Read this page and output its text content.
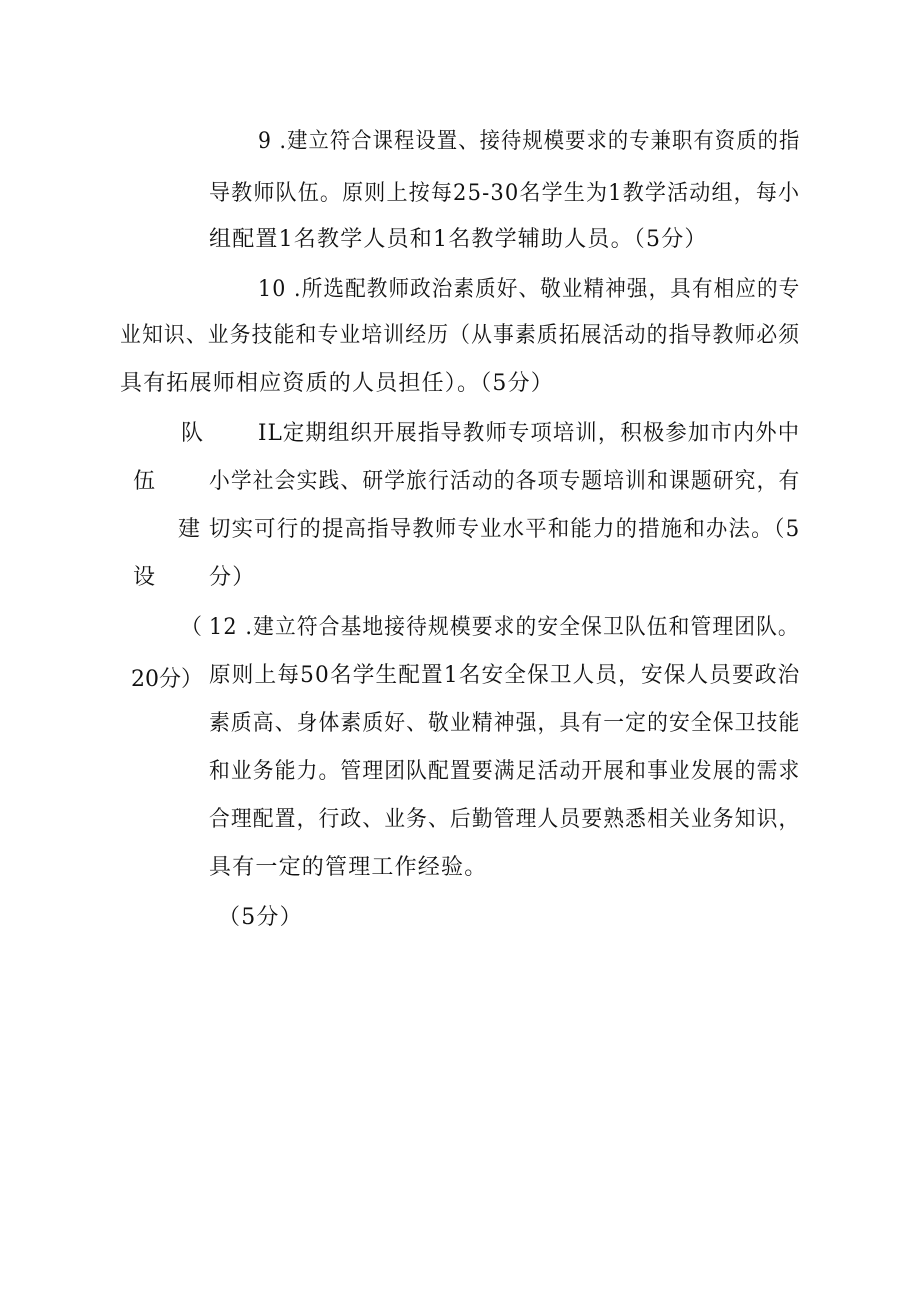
9 .建立符合课程设置、接待规模要求的专兼职有资质的指
导教师队伍。原则上按每25-30名学生为1教学活动组，每小
组配置1名教学人员和1名教学辅助人员。（5分）
10 .所选配教师政治素质好、敬业精神强，具有相应的专
业知识、业务技能和专业培训经历（从事素质拓展活动的指导教师必须
具有拓展师相应资质的人员担任）。（5分）
队
伍
建
设
（
20分）
IL定期组织开展指导教师专项培训，积极参加市内外中
小学社会实践、研学旅行活动的各项专题培训和课题研究，有
切实可行的提高指导教师专业水平和能力的措施和办法。（5
分）
12 .建立符合基地接待规模要求的安全保卫队伍和管理团队。
原则上每50名学生配置1名安全保卫人员，安保人员要政治
素质高、身体素质好、敬业精神强，具有一定的安全保卫技能
和业务能力。管理团队配置要满足活动开展和事业发展的需求
合理配置，行政、业务、后勤管理人员要熟悉相关业务知识，
具有一定的管理工作经验。
（5分）
